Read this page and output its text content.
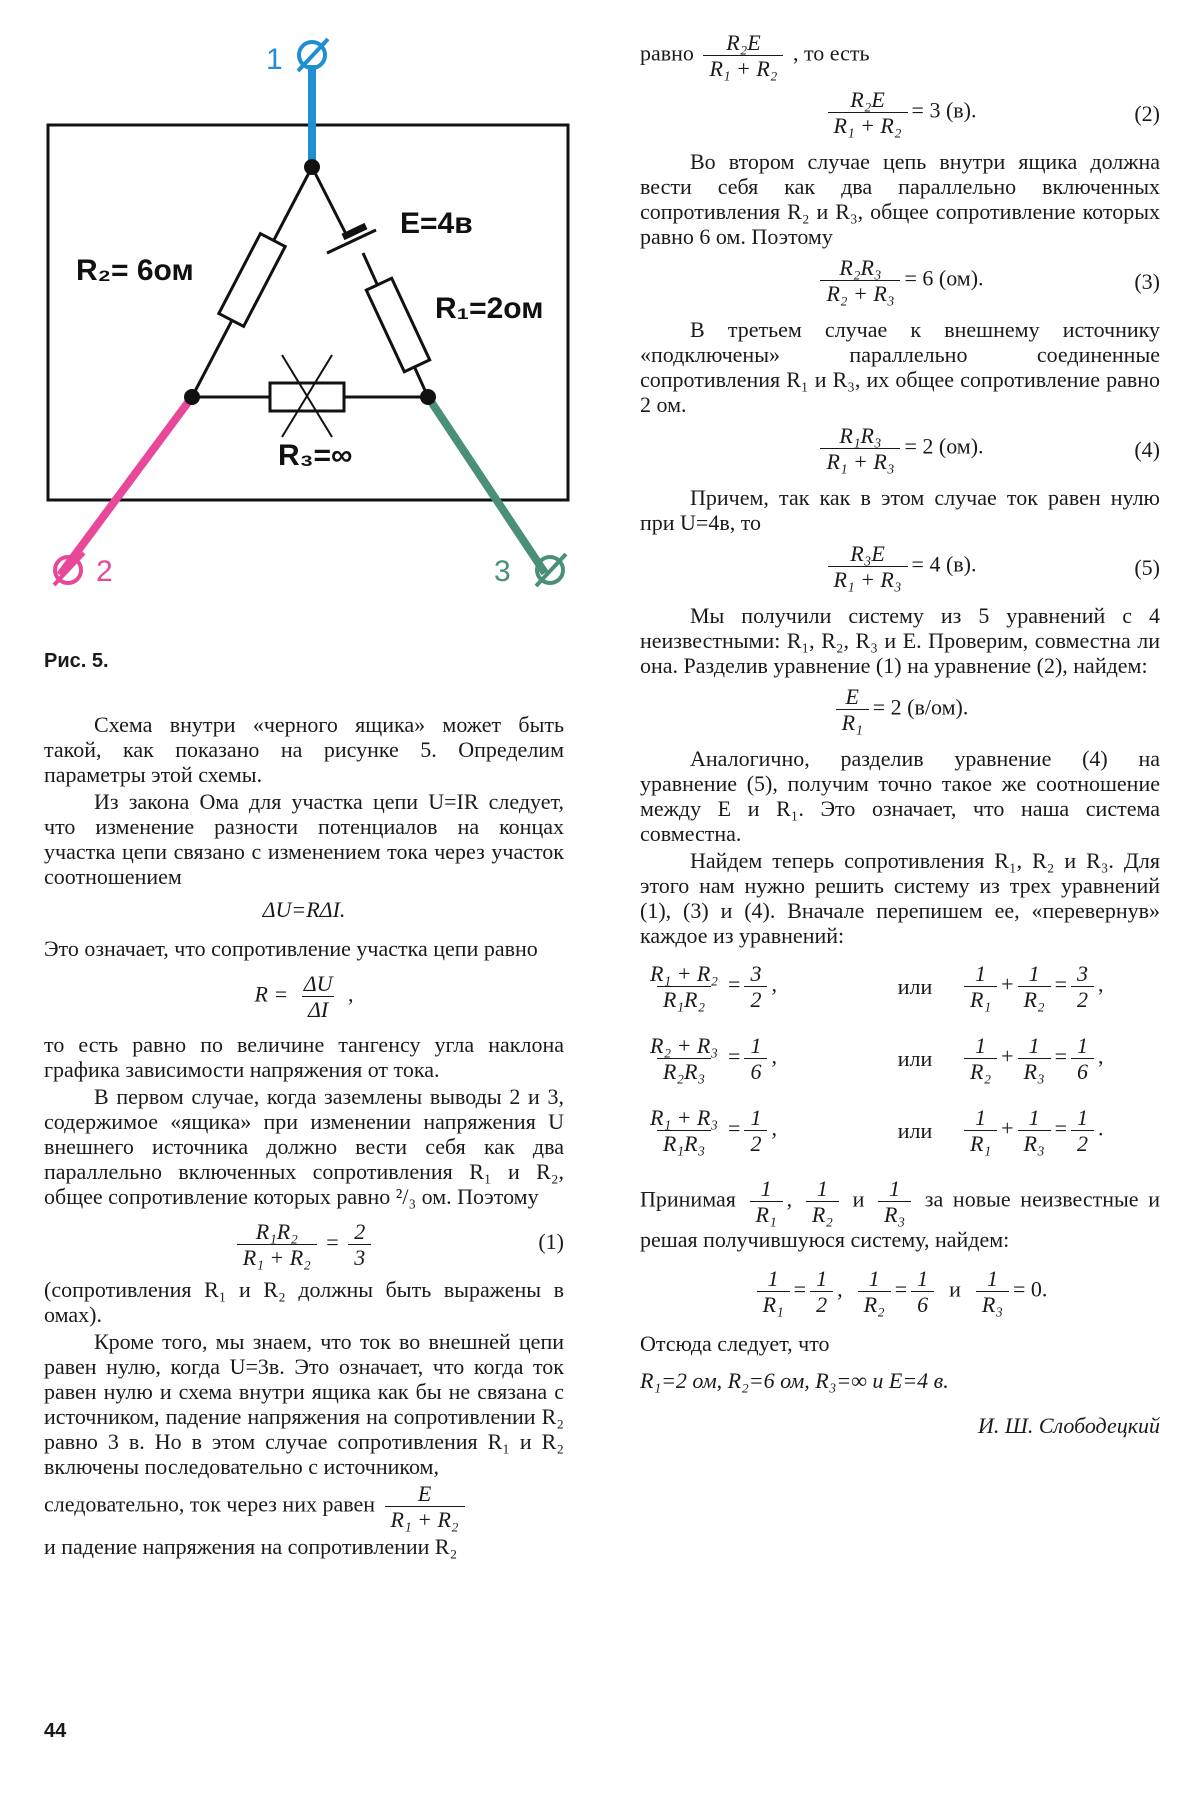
1
2	3
R₂= 6ом
R₁=2ом
E=4в
R₃=∞
Рис. 5.

Схема внутри «черного ящика» может быть такой, как показано на рисунке 5. Определим параметры этой схемы.

Из закона Ома для участка цепи U=IR следует, что изменение разности потенциалов на концах участка цепи связано с изменением тока через участок соотношением

ΔU=RΔI.

Это означает, что сопротивление участка цепи равно

$R = \frac{\Delta U}{\Delta I}$ ,

то есть равно по величине тангенсу угла наклона графика зависимости напряжения от тока.

В первом случае, когда заземлены выводы 2 и 3, содержимое «ящика» при изменении напряжения U внешнего источника должно вести себя как два параллельно включенных сопротивления R₁ и R₂, общее сопротивление которых равно ²/₃ ом. Поэтому

$\frac{\text{R₁R₂}}{\text{R₁ + R₂}} = \frac{2}{3}$	(1)

(сопротивления R₁ и R₂ должны быть выражены в омах).

Кроме того, мы знаем, что ток во внешней цепи равен нулю, когда U=3в. Это означает, что когда ток равен нулю и схема внутри ящика как бы не связана с источником, падение напряжения на сопротивлении R₂ равно 3 в. Но в этом случае сопротивления R₁ и R₂ включены последовательно с источником,

следовательно, ток через них равен $\frac{E}{\text{R₁ + R₂}}$

и падение напряжения на сопротивлении R₂

равно $\frac{\text{R₂E}}{\text{R₁ + R₂}}$ , то есть

$\frac{\text{R₂E}}{\text{R₁ + R₂}} = 3$ (в).	(2)

Во втором случае цепь внутри ящика должна вести себя как два параллельно включенных сопротивления R₂ и R₃, общее сопротивление которых равно 6 ом. Поэтому

$\frac{\text{R₂R₃}}{\text{R₂ + R₃}} = 6$ (ом).	(3)

В третьем случае к внешнему источнику «подключены» параллельно соединенные сопротивления R₁ и R₃, их общее сопротивление равно 2 ом.

$\frac{\text{R₁R₃}}{\text{R₁ + R₃}} = 2$ (ом).	(4)

Причем, так как в этом случае ток равен нулю при U=4в, то

$\frac{\text{R₃E}}{\text{R₁ + R₃}} = 4$ (в).	(5)

Мы получили систему из 5 уравнений с 4 неизвестными: R₁, R₂, R₃ и E. Проверим, совместна ли она. Разделив уравнение (1) на уравнение (2), найдем:

$\frac{E}{\text{R₁}} = 2$ (в/ом).

Аналогично, разделив уравнение (4) на уравнение (5), получим точно такое же соотношение между E и R₁. Это означает, что наша система совместна.

Найдем теперь сопротивления R₁, R₂ и R₃. Для этого нам нужно решить систему из трех уравнений (1), (3) и (4). Вначале перепишем ее, «перевернув» каждое из уравнений:

$\frac{\text{R₁ + R₂}}{\text{R₁R₂}} = \frac{3}{2}$ ,	или	$\frac{1}{\text{R₁}} + \frac{1}{\text{R₂}} = \frac{3}{2}$ ,
$\frac{\text{R₂ + R₃}}{\text{R₂R₃}} = \frac{1}{6}$ ,	или	$\frac{1}{\text{R₂}} + \frac{1}{\text{R₃}} = \frac{1}{6}$ ,
$\frac{\text{R₁ + R₃}}{\text{R₁R₃}} = \frac{1}{2}$ ,	или	$\frac{1}{\text{R₁}} + \frac{1}{\text{R₃}} = \frac{1}{2}$ .

Принимая $\frac{1}{\text{R₁}}$ , $\frac{1}{\text{R₂}}$ и $\frac{1}{\text{R₃}}$ за новые неизвестные и решая получившуюся систему, найдем:

$\frac{1}{\text{R₁}} = \frac{1}{2}$ , $\frac{1}{\text{R₂}} = \frac{1}{6}$ и $\frac{1}{\text{R₃}} = 0$.

Отсюда следует, что

R₁=2 ом, R₂=6 ом, R₃=∞ и E=4 в.

И. Ш. Слободецкий

44
